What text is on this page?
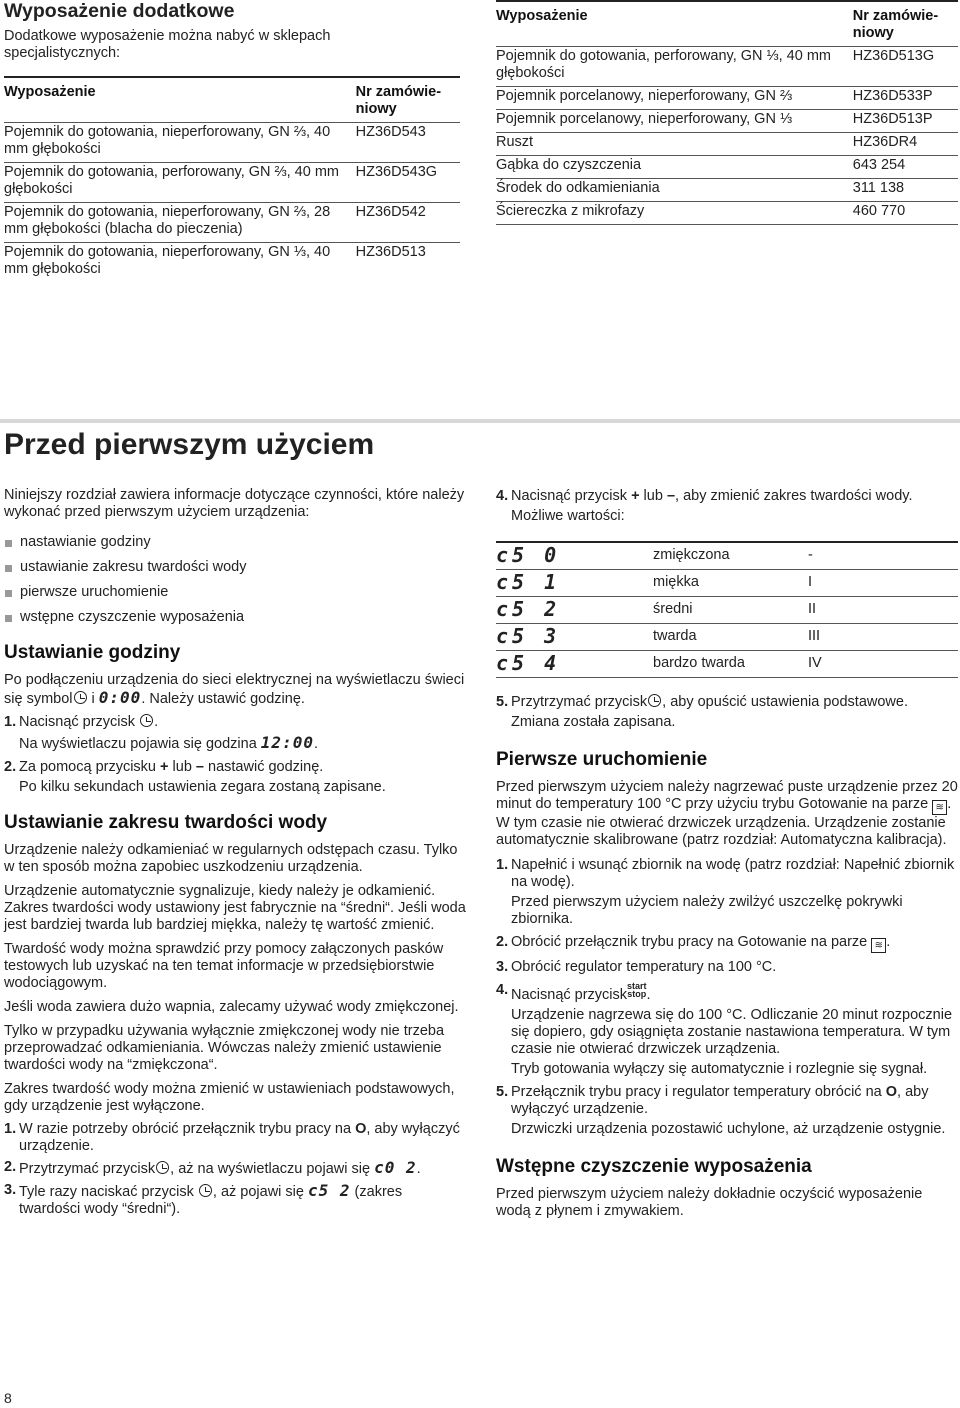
Wyposażenie dodatkowe

Dodatkowe wyposażenie można nabyć w sklepach specjalistycznych:

Wyposażenie	Nr zamówieniowy
Pojemnik do gotowania, nieperforowany, GN ⅔, 40 mm głębokości	HZ36D543
Pojemnik do gotowania, perforowany, GN ⅔, 40 mm głębokości	HZ36D543G
Pojemnik do gotowania, nieperforowany, GN ⅔, 28 mm głębokości (blacha do pieczenia)	HZ36D542
Pojemnik do gotowania, nieperforowany, GN ⅓, 40 mm głębokości	HZ36D513
Wyposażenie	Nr zamówieniowy
Pojemnik do gotowania, perforowany, GN ⅓, 40 mm głębokości	HZ36D513G
Pojemnik porcelanowy, nieperforowany, GN ⅔	HZ36D533P
Pojemnik porcelanowy, nieperforowany, GN ⅓	HZ36D513P
Ruszt	HZ36DR4
Gąbka do czyszczenia	643 254
Środek do odkamieniania	311 138
Ściereczka z mikrofazy	460 770
Przed pierwszym użyciem

Niniejszy rozdział zawiera informacje dotyczące czynności, które należy wykonać przed pierwszym użyciem urządzenia:

nastawianie godziny
ustawianie zakresu twardości wody
pierwsze uruchomienie
wstępne czyszczenie wyposażenia
Ustawianie godziny

Po podłączeniu urządzenia do sieci elektrycznej na wyświetlaczu świeci się symbol i 0:00. Należy ustawić godzinę.

1. Nacisnąć przycisk .
Na wyświetlaczu pojawia się godzina 12:00.
2. Za pomocą przycisku + lub – nastawić godzinę.
Po kilku sekundach ustawienia zegara zostaną zapisane.
Ustawianie zakresu twardości wody

Urządzenie należy odkamieniać w regularnych odstępach czasu. Tylko w ten sposób można zapobiec uszkodzeniu urządzenia.

Urządzenie automatycznie sygnalizuje, kiedy należy je odkamienić. Zakres twardości wody ustawiony jest fabrycznie na “średni“. Jeśli woda jest bardziej twarda lub bardziej miękka, należy tę wartość zmienić.

Twardość wody można sprawdzić przy pomocy załączonych pasków testowych lub uzyskać na ten temat informacje w przedsiębiorstwie wodociągowym.

Jeśli woda zawiera dużo wapnia, zalecamy używać wody zmiękczonej.

Tylko w przypadku używania wyłącznie zmiękczonej wody nie trzeba przeprowadzać odkamieniania. Wówczas należy zmienić ustawienie twardości wody na “zmiękczona“.

Zakres twardość wody można zmienić w ustawieniach podstawowych, gdy urządzenie jest wyłączone.

1. W razie potrzeby obrócić przełącznik trybu pracy na O, aby wyłączyć urządzenie.
2. Przytrzymać przycisk , aż na wyświetlaczu pojawi się c0 2.
3. Tyle razy naciskać przycisk , aż pojawi się c5 2 (zakres twardości wody “średni“).
4. Nacisnąć przycisk + lub –, aby zmienić zakres twardości wody.
Możliwe wartości:
c5 0	zmiękczona	-
c5 1	miękka	I
c5 2	średni	II
c5 3	twarda	III
c5 4	bardzo twarda	IV
5. Przytrzymać przycisk , aby opuścić ustawienia podstawowe.
Zmiana została zapisana.
Pierwsze uruchomienie

Przed pierwszym użyciem należy nagrzewać puste urządzenie przez 20 minut do temperatury 100 °C przy użyciu trybu Gotowanie na parze ≋ . W tym czasie nie otwierać drzwiczek urządzenia. Urządzenie zostanie automatycznie skalibrowane (patrz rozdział: Automatyczna kalibracja).

1. Napełnić i wsunąć zbiornik na wodę (patrz rozdział: Napełnić zbiornik na wodę).
Przed pierwszym użyciem należy zwilżyć uszczelkę pokrywki zbiornika.
2. Obrócić przełącznik trybu pracy na Gotowanie na parze ≋ .
3. Obrócić regulator temperatury na 100 °C.
4. Nacisnąć przyciskstart
stop.
Urządzenie nagrzewa się do 100 °C. Odliczanie 20 minut rozpocznie się dopiero, gdy osiągnięta zostanie nastawiona temperatura. W tym czasie nie otwierać drzwiczek urządzenia.
Tryb gotowania wyłączy się automatycznie i rozlegnie się sygnał.
5. Przełącznik trybu pracy i regulator temperatury obrócić na O, aby wyłączyć urządzenie.
Drzwiczki urządzenia pozostawić uchylone, aż urządzenie ostygnie.
Wstępne czyszczenie wyposażenia

Przed pierwszym użyciem należy dokładnie oczyścić wyposażenie wodą z płynem i zmywakiem.

8
